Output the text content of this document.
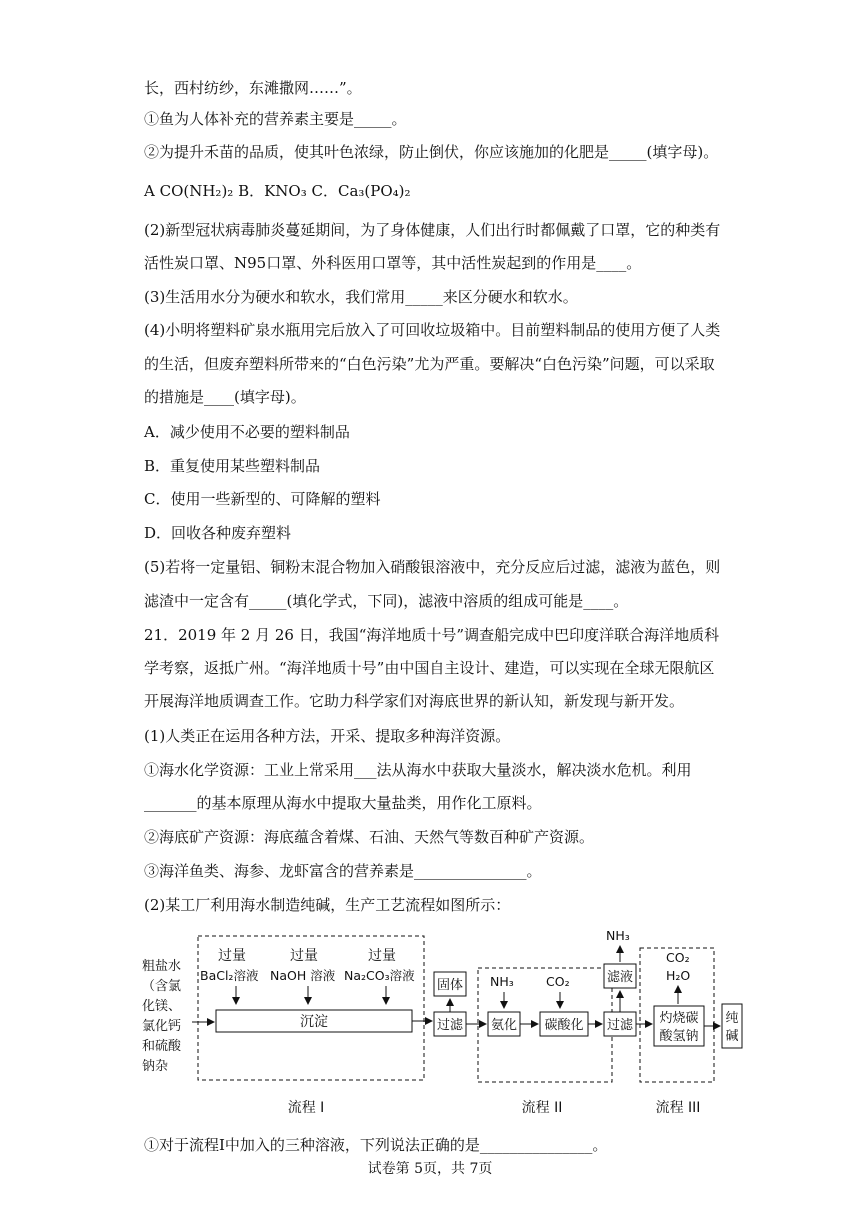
长，西村纺纱，东滩撒网……”。
①鱼为人体补充的营养素主要是_____。
②为提升禾苗的品质，使其叶色浓绿，防止倒伏，你应该施加的化肥是_____(填字母)。
A CO(NH₂)₂ B．KNO₃ C．Ca₃(PO₄)₂
(2)新型冠状病毒肺炎蔓延期间，为了身体健康，人们出行时都佩戴了口罩，它的种类有
活性炭口罩、N95口罩、外科医用口罩等，其中活性炭起到的作用是____。
(3)生活用水分为硬水和软水，我们常用_____来区分硬水和软水。
(4)小明将塑料矿泉水瓶用完后放入了可回收垃圾箱中。目前塑料制品的使用方便了人类
的生活，但废弃塑料所带来的“白色污染”尤为严重。要解决“白色污染”问题，可以采取
的措施是____(填字母)。
A．减少使用不必要的塑料制品
B．重复使用某些塑料制品
C．使用一些新型的、可降解的塑料
D．回收各种废弃塑料
(5)若将一定量铝、铜粉末混合物加入硝酸银溶液中，充分反应后过滤，滤液为蓝色，则
滤渣中一定含有_____(填化学式，下同)，滤液中溶质的组成可能是____。
21．2019 年 2 月 26 日，我国“海洋地质十号”调查船完成中巴印度洋联合海洋地质科
学考察，返抵广州。“海洋地质十号”由中国自主设计、建造，可以实现在全球无限航区
开展海洋地质调查工作。它助力科学家们对海底世界的新认知，新发现与新开发。
(1)人类正在运用各种方法，开采、提取多种海洋资源。
①海水化学资源：工业上常采用___法从海水中获取大量淡水，解决淡水危机。利用
_______的基本原理从海水中提取大量盐类，用作化工原料。
②海底矿产资源：海底蕴含着煤、石油、天然气等数百种矿产资源。
③海洋鱼类、海参、龙虾富含的营养素是_______________。
(2)某工厂利用海水制造纯碱，生产工艺流程如图所示：
粗盐水
（含氯
化镁、
氯化钙
和硫酸
钠杂
过量	过量	过量
BaCl₂溶液 NaOH 溶液 Na₂CO₃溶液
沉淀
固体
过滤
NH₃
氨化
CO₂
碳酸化
NH₃
滤液
过滤
CO₂
H₂O
灼烧碳
酸氢钠
纯
碱
流程 I	流程 II	流程 III
①对于流程I中加入的三种溶液，下列说法正确的是_______________。
试卷第 5页，共 7页
